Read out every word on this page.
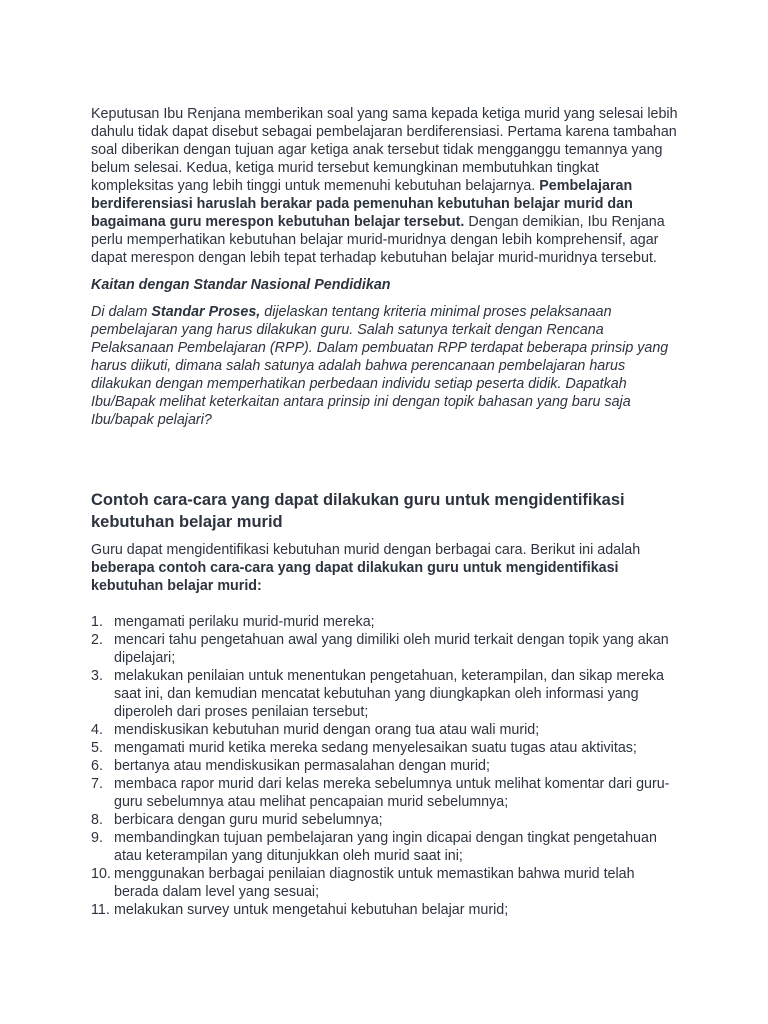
Keputusan Ibu Renjana memberikan soal yang sama kepada ketiga murid yang selesai lebih dahulu tidak dapat disebut sebagai pembelajaran berdiferensiasi. Pertama karena tambahan soal diberikan dengan tujuan agar ketiga anak tersebut tidak mengganggu temannya yang belum selesai. Kedua, ketiga murid tersebut kemungkinan membutuhkan tingkat kompleksitas yang lebih tinggi untuk memenuhi kebutuhan belajarnya. Pembelajaran berdiferensiasi haruslah berakar pada pemenuhan kebutuhan belajar murid dan bagaimana guru merespon kebutuhan belajar tersebut. Dengan demikian, Ibu Renjana perlu memperhatikan kebutuhan belajar murid-muridnya dengan lebih komprehensif, agar dapat merespon dengan lebih tepat terhadap kebutuhan belajar murid-muridnya tersebut.

Kaitan dengan Standar Nasional Pendidikan

Di dalam Standar Proses, dijelaskan tentang kriteria minimal proses pelaksanaan pembelajaran yang harus dilakukan guru. Salah satunya terkait dengan Rencana Pelaksanaan Pembelajaran (RPP). Dalam pembuatan RPP terdapat beberapa prinsip yang harus diikuti, dimana salah satunya adalah bahwa perencanaan pembelajaran harus dilakukan dengan memperhatikan perbedaan individu setiap peserta didik. Dapatkah Ibu/Bapak melihat keterkaitan antara prinsip ini dengan topik bahasan yang baru saja Ibu/bapak pelajari?

Contoh cara-cara yang dapat dilakukan guru untuk mengidentifikasi kebutuhan belajar murid

Guru dapat mengidentifikasi kebutuhan murid dengan berbagai cara. Berikut ini adalah beberapa contoh cara-cara yang dapat dilakukan guru untuk mengidentifikasi kebutuhan belajar murid:

1. mengamati perilaku murid-murid mereka;
2. mencari tahu pengetahuan awal yang dimiliki oleh murid terkait dengan topik yang akan dipelajari;
3. melakukan penilaian untuk menentukan pengetahuan, keterampilan, dan sikap mereka saat ini, dan kemudian mencatat kebutuhan yang diungkapkan oleh informasi yang diperoleh dari proses penilaian tersebut;
4. mendiskusikan kebutuhan murid dengan orang tua atau wali murid;
5. mengamati murid ketika mereka sedang menyelesaikan suatu tugas atau aktivitas;
6. bertanya atau mendiskusikan permasalahan dengan murid;
7. membaca rapor murid dari kelas mereka sebelumnya untuk melihat komentar dari guru-guru sebelumnya atau melihat pencapaian murid sebelumnya;
8. berbicara dengan guru murid sebelumnya;
9. membandingkan tujuan pembelajaran yang ingin dicapai dengan tingkat pengetahuan atau keterampilan yang ditunjukkan oleh murid saat ini;
10. menggunakan berbagai penilaian diagnostik untuk memastikan bahwa murid telah berada dalam level yang sesuai;
11. melakukan survey untuk mengetahui kebutuhan belajar murid;
